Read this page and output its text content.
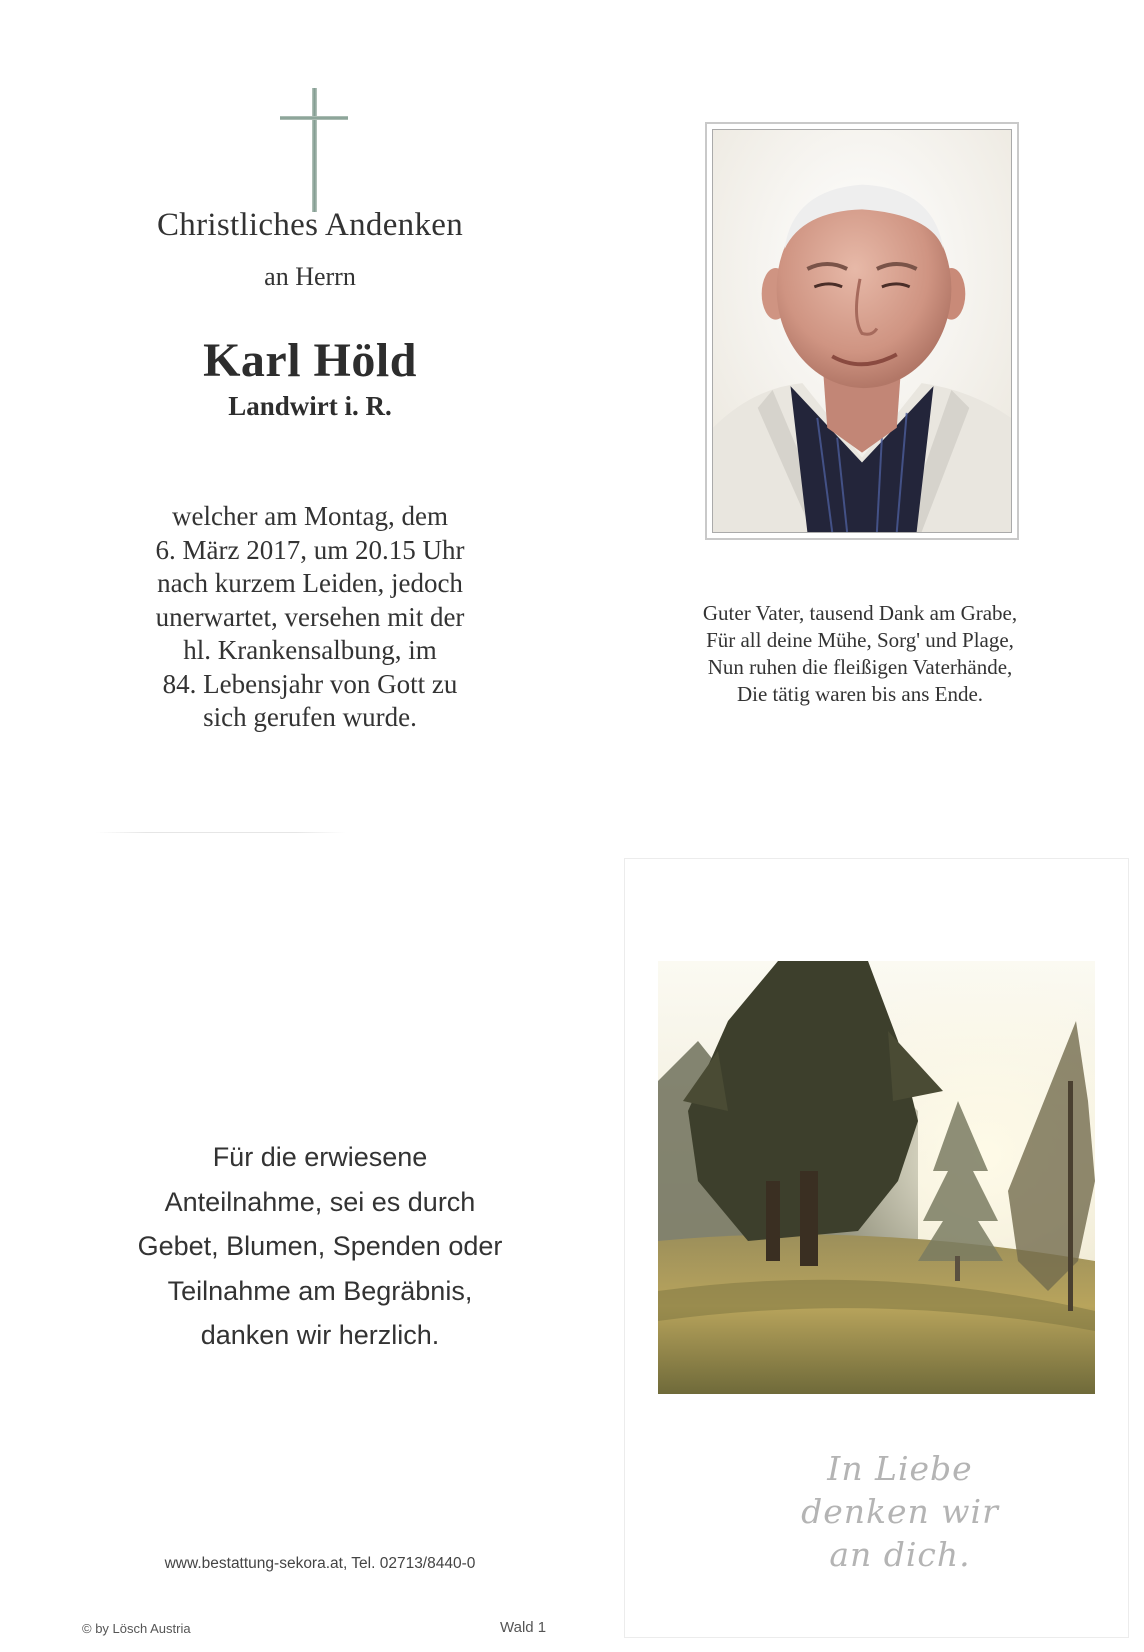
Christliches Andenken
an Herrn
Karl Höld
Landwirt i. R.
welcher am Montag, dem
6. März 2017, um 20.15 Uhr
nach kurzem Leiden, jedoch
unerwartet, versehen mit der
hl. Krankensalbung, im
84. Lebensjahr von Gott zu
sich gerufen wurde.
Guter Vater, tausend Dank am Grabe,
Für all deine Mühe, Sorg' und Plage,
Nun ruhen die fleißigen Vaterhände,
Die tätig waren bis ans Ende.
Für die erwiesene
Anteilnahme, sei es durch
Gebet, Blumen, Spenden oder
Teilnahme am Begräbnis,
danken wir herzlich.
www.bestattung-sekora.at, Tel. 02713/8440-0
In Liebe
denken wir
an dich.
© by Lösch Austria	Wald 1
